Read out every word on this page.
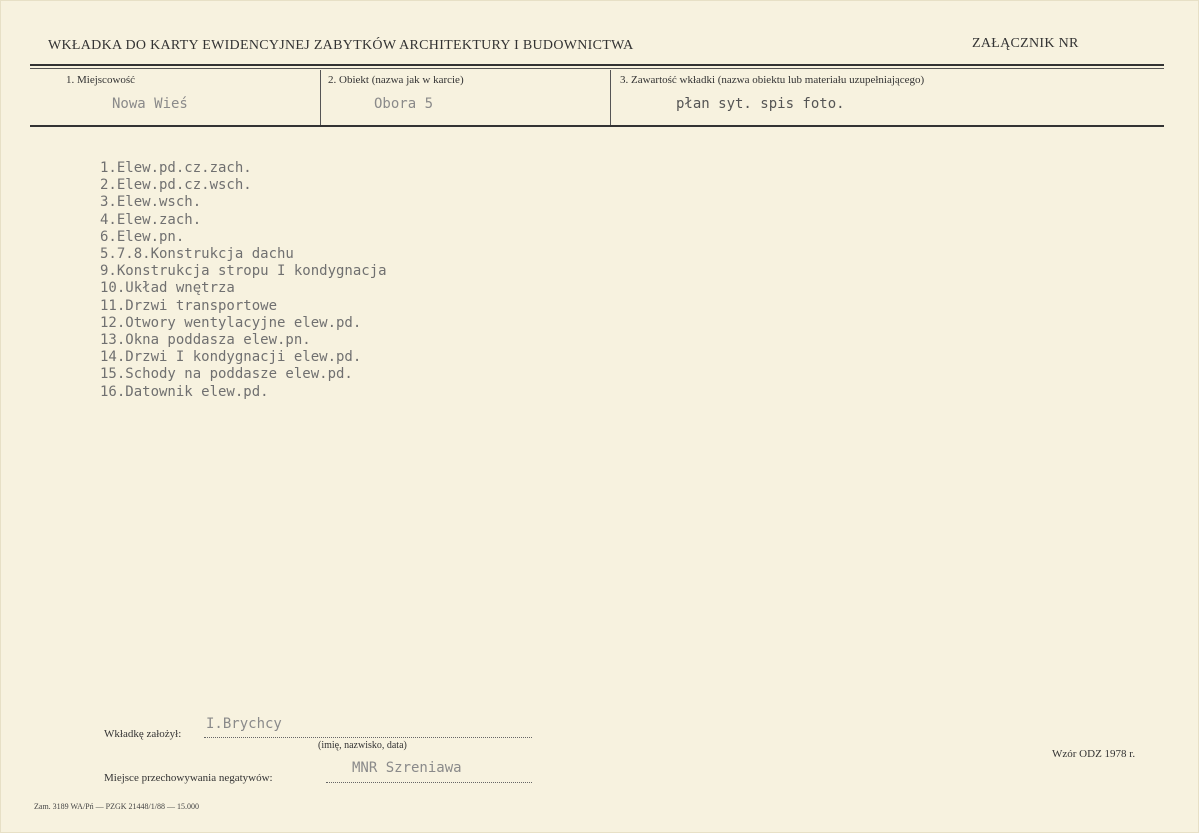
WKŁADKA DO KARTY EWIDENCYJNEJ ZABYTKÓW ARCHITEKTURY I BUDOWNICTWA	ZAŁĄCZNIK NR
1. Miejscowość
Nowa Wieś
2. Obiekt (nazwa jak w karcie)
Obora 5
3. Zawartość wkładki (nazwa obiektu lub materiału uzupełniającego)
płan syt. spis foto.
1.Elew.pd.cz.zach.
2.Elew.pd.cz.wsch.
3.Elew.wsch.
4.Elew.zach.
6.Elew.pn.
5.7.8.Konstrukcja dachu
9.Konstrukcja stropu I kondygnacja
10.Układ wnętrza
11.Drzwi transportowe
12.Otwory wentylacyjne elew.pd.
13.Okna poddasza elew.pn.
14.Drzwi I kondygnacji elew.pd.
15.Schody na poddasze elew.pd.
16.Datownik elew.pd.
Wkładkę założył:
I.Brychcy
(imię, nazwisko, data)
Miejsce przechowywania negatywów:
MNR Szreniawa
Wzór ODZ 1978 r.
Zam. 3189 WA/Pń — PZGK 21448/1/88 — 15.000
